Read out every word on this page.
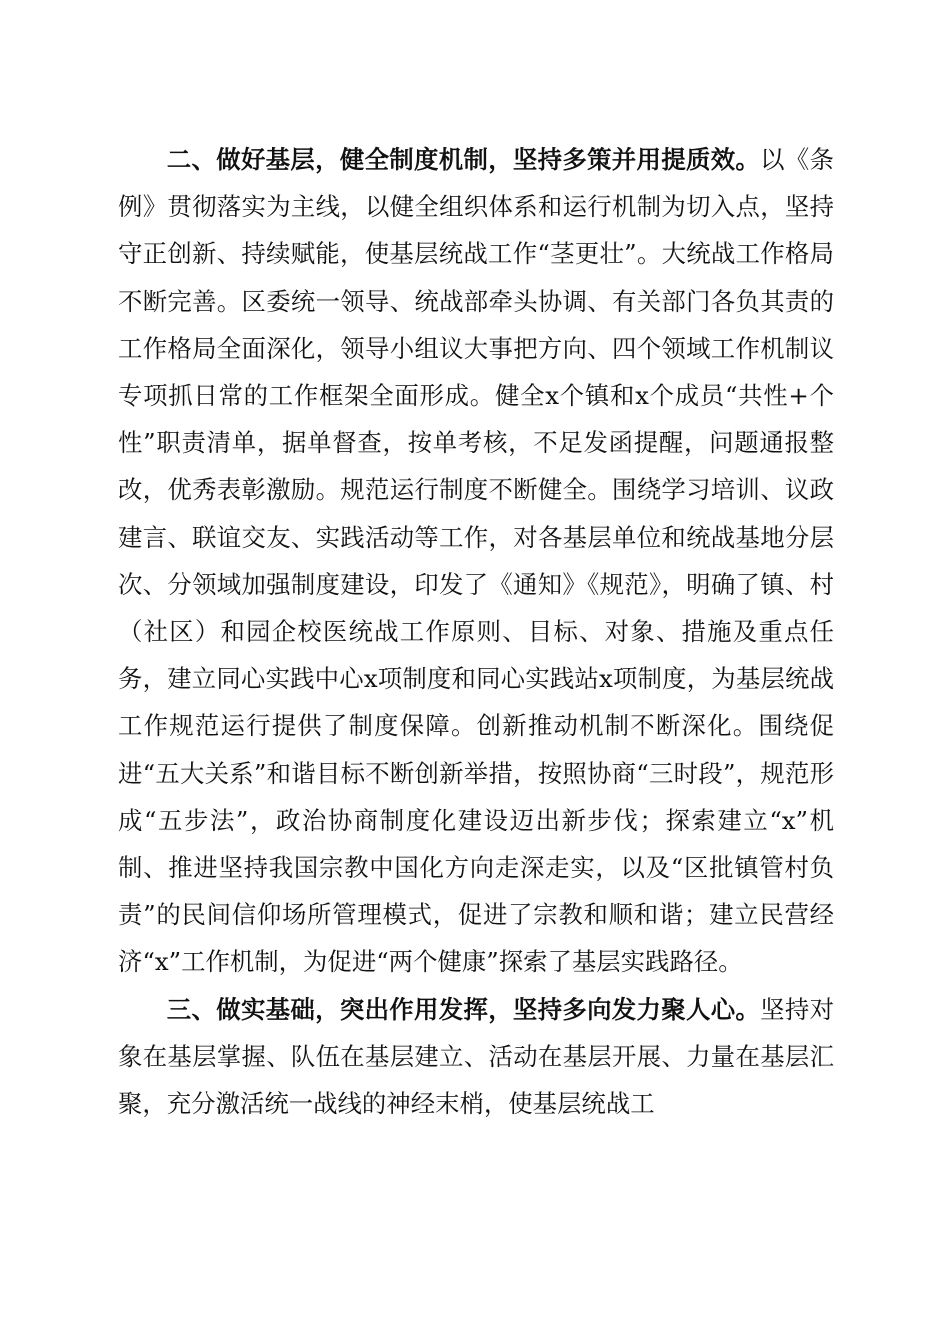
二、做好基层，健全制度机制，坚持多策并用提质效。以《条例》贯彻落实为主线，以健全组织体系和运行机制为切入点，坚持守正创新、持续赋能，使基层统战工作“茎更壮”。大统战工作格局不断完善。区委统一领导、统战部牵头协调、有关部门各负其责的工作格局全面深化，领导小组议大事把方向、四个领域工作机制议专项抓日常的工作框架全面形成。健全x个镇和x个成员“共性+个性”职责清单，据单督查，按单考核，不足发函提醒，问题通报整改，优秀表彰激励。规范运行制度不断健全。围绕学习培训、议政建言、联谊交友、实践活动等工作，对各基层单位和统战基地分层次、分领域加强制度建设，印发了《通知》《规范》，明确了镇、村（社区）和园企校医统战工作原则、目标、对象、措施及重点任务，建立同心实践中心x项制度和同心实践站x项制度，为基层统战工作规范运行提供了制度保障。创新推动机制不断深化。围绕促进“五大关系”和谐目标不断创新举措，按照协商“三时段”，规范形成“五步法”，政治协商制度化建设迈出新步伐；探索建立“x”机制、推进坚持我国宗教中国化方向走深走实，以及“区批镇管村负责”的民间信仰场所管理模式，促进了宗教和顺和谐；建立民营经济“x”工作机制，为促进“两个健康”探索了基层实践路径。

三、做实基础，突出作用发挥，坚持多向发力聚人心。坚持对象在基层掌握、队伍在基层建立、活动在基层开展、力量在基层汇聚，充分激活统一战线的神经末梢，使基层统战工
